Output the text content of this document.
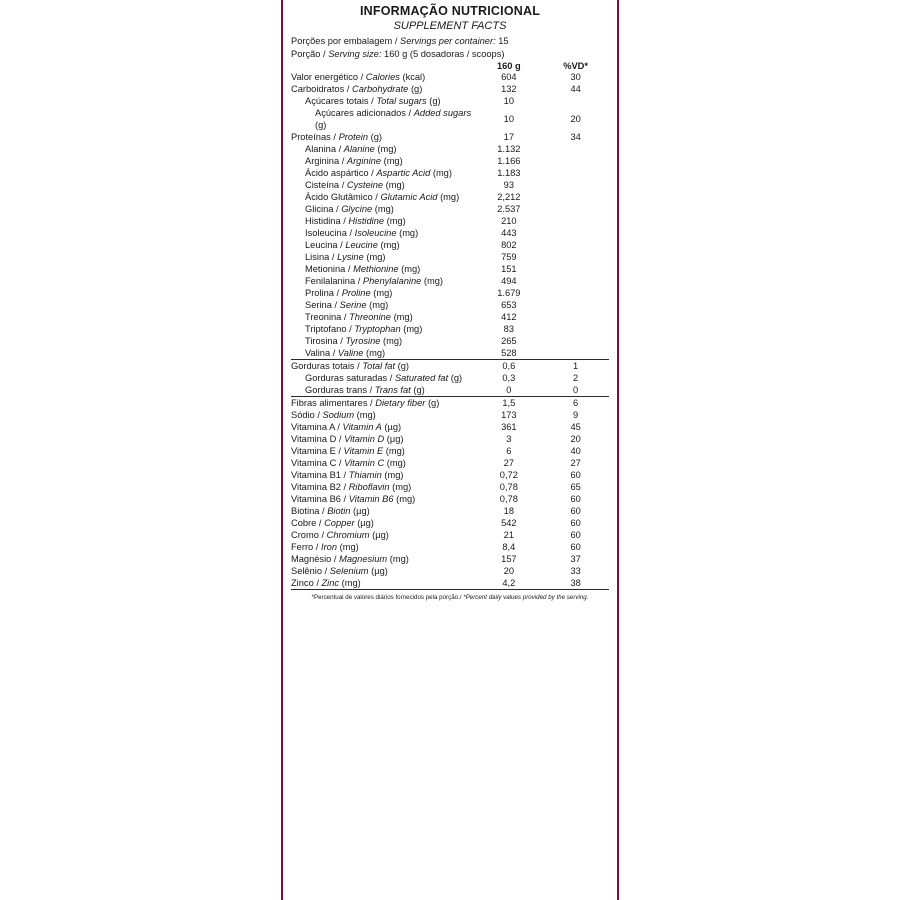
INFORMAÇÃO NUTRICIONAL
SUPPLEMENT FACTS
Porções por embalagem / Servings per container: 15		
Porção / Serving size: 160 g (5 dosadoras / scoops)		
	160 g	%VD*
Valor energético / Calories (kcal)	604	30
Carboidratos / Carbohydrate (g)	132	44
Açúcares totais / Total sugars (g)	10	
Açúcares adicionados / Added sugars (g)	10	20
Proteínas / Protein (g)	17	34
Alanina / Alanine (mg)	1.132	
Arginina / Arginine (mg)	1.166	
Ácido aspártico / Aspartic Acid (mg)	1.183	
Cisteína / Cysteine (mg)	93	
Ácido Glutâmico / Glutamic Acid (mg)	2,212	
Glicina / Glycine (mg)	2.537	
Histidina / Histidine (mg)	210	
Isoleucina / Isoleucine (mg)	443	
Leucina / Leucine (mg)	802	
Lisina / Lysine (mg)	759	
Metionina / Methionine (mg)	151	
Fenilalanina / Phenylalanine (mg)	494	
Prolina / Proline (mg)	1.679	
Serina / Serine (mg)	653	
Treonina / Threonine (mg)	412	
Triptofano / Tryptophan (mg)	83	
Tirosina / Tyrosine (mg)	265	
Valina / Valine (mg)	528	
Gorduras totais / Total fat (g)	0,6	1
Gorduras saturadas / Saturated fat (g)	0,3	2
Gorduras trans / Trans fat (g)	0	0
Fibras alimentares / Dietary fiber (g)	1,5	6
Sódio / Sodium (mg)	173	9
Vitamina A / Vitamin A (µg)	361	45
Vitamina D / Vitamin D (µg)	3	20
Vitamina E / Vitamin E (mg)	6	40
Vitamina C / Vitamin C (mg)	27	27
Vitamina B1 / Thiamin (mg)	0,72	60
Vitamina B2 / Riboflavin (mg)	0,78	65
Vitamina B6 / Vitamin B6 (mg)	0,78	60
Biotina / Biotin (µg)	18	60
Cobre / Copper (µg)	542	60
Cromo / Chromium (µg)	21	60
Ferro / Iron (mg)	8,4	60
Magnésio / Magnesium (mg)	157	37
Selênio / Selenium (µg)	20	33
Zinco / Zinc (mg)	4,2	38
*Percentual de valores diários fornecidos pela porção./ *Percent daily values provided by the serving.
